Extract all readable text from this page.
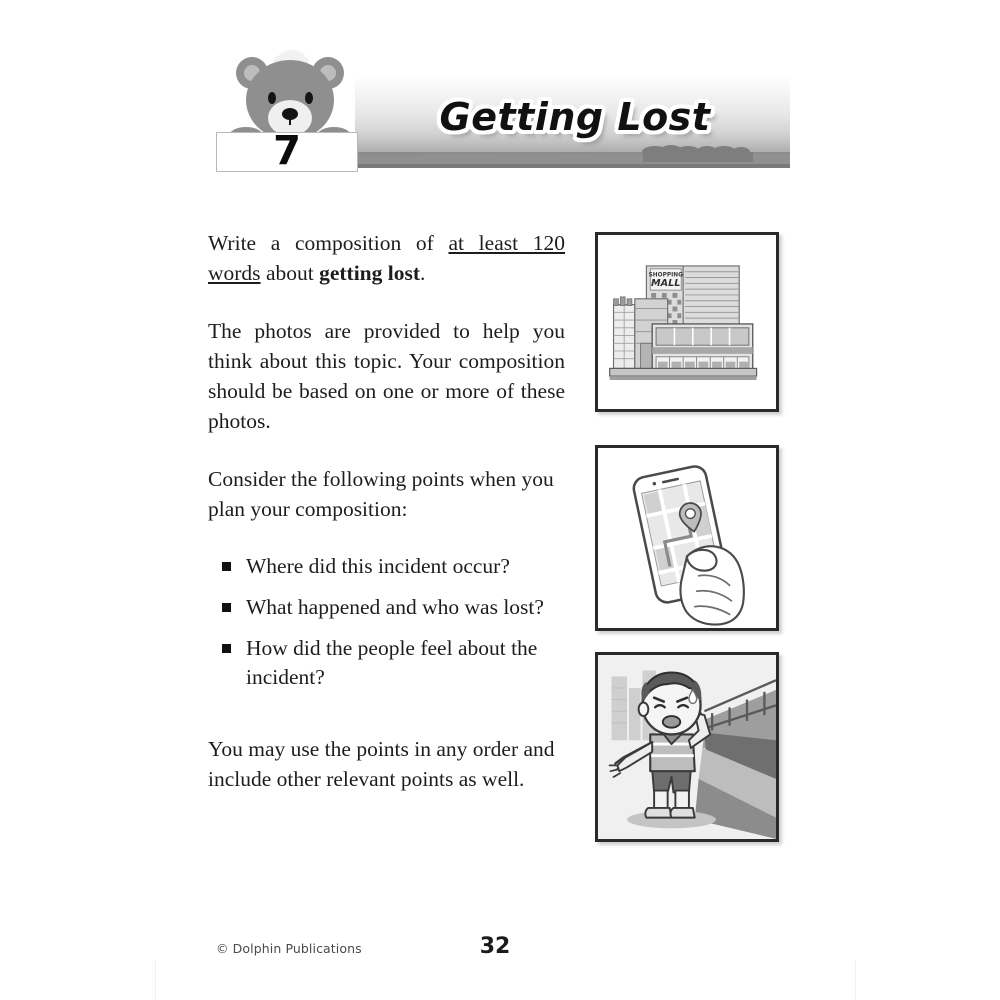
Getting Lost
7

Write a composition of at least 120 words about getting lost.

The photos are provided to help you think about this topic. Your composition should be based on one or more of these photos.

Consider the following points when you plan your composition:

Where did this incident occur?
What happened and who was lost?
How did the people feel about the incident?

You may use the points in any order and include other relevant points as well.

SHOPPING
MALL
© Dolphin Publications	32
